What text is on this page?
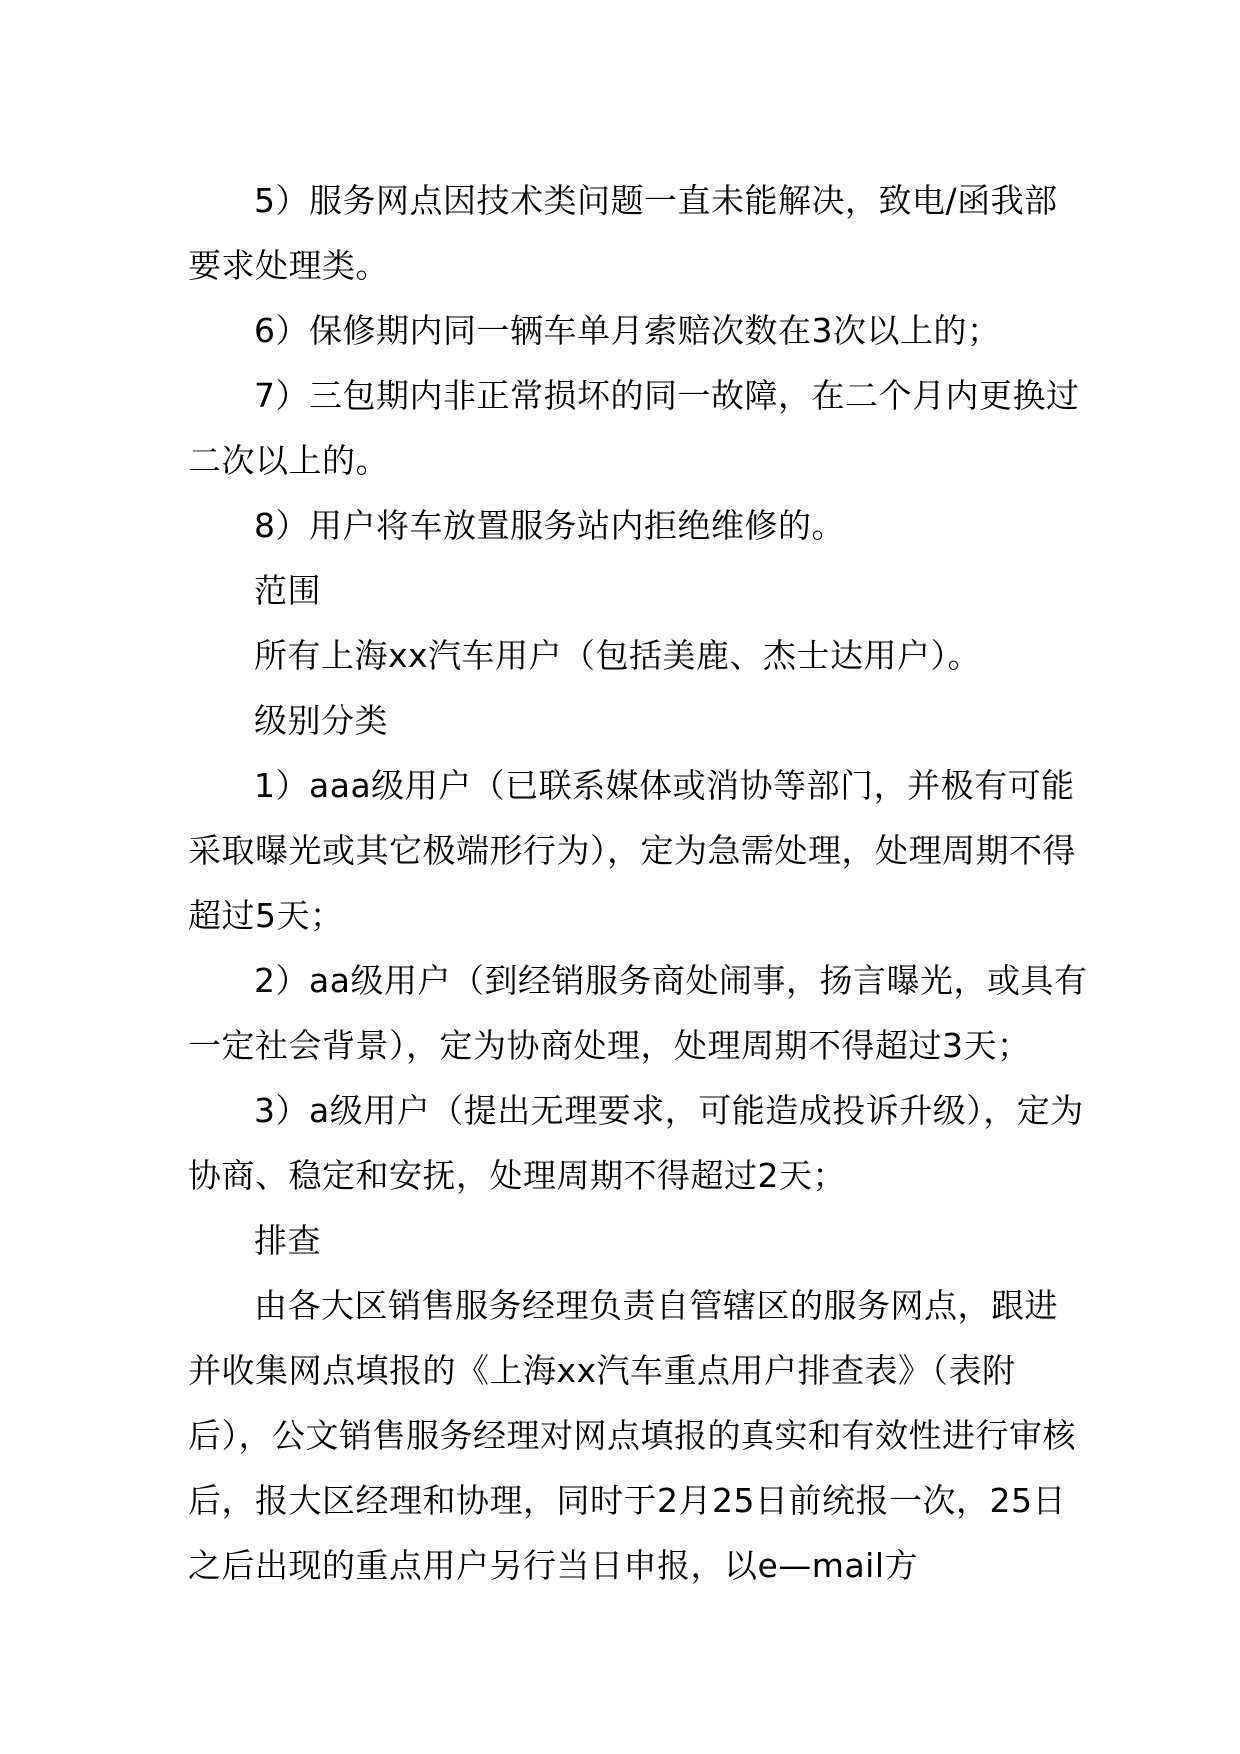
5）服务网点因技术类问题一直未能解决，致电/函我部要求处理类。

6）保修期内同一辆车单月索赔次数在3次以上的；

7）三包期内非正常损坏的同一故障，在二个月内更换过二次以上的。

8）用户将车放置服务站内拒绝维修的。

范围

所有上海xx汽车用户（包括美鹿、杰士达用户）。

级别分类

1）aaa级用户（已联系媒体或消协等部门，并极有可能采取曝光或其它极端形行为），定为急需处理，处理周期不得超过5天；

2）aa级用户（到经销服务商处闹事，扬言曝光，或具有一定社会背景），定为协商处理，处理周期不得超过3天；

3）a级用户（提出无理要求，可能造成投诉升级），定为协商、稳定和安抚，处理周期不得超过2天；

排查

由各大区销售服务经理负责自管辖区的服务网点，跟进并收集网点填报的《上海xx汽车重点用户排查表》（表附后），公文销售服务经理对网点填报的真实和有效性进行审核后，报大区经理和协理，同时于2月25日前统报一次，25日之后出现的重点用户另行当日申报，以e—mail方
